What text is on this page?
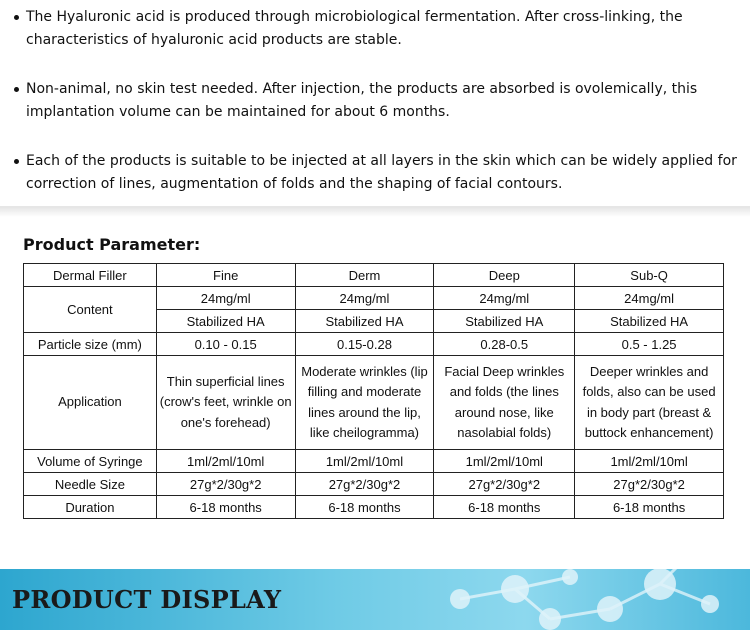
The Hyaluronic acid is produced through microbiological fermentation. After cross-linking, the characteristics of hyaluronic acid products are stable.
Non-animal, no skin test needed. After injection, the products are absorbed is ovolemically, this implantation volume can be maintained for about 6 months.
Each of the products is suitable to be injected at all layers in the skin which can be widely applied for correction of lines, augmentation of folds and the shaping of facial contours.
Product Parameter:
Dermal Filler	Fine	Derm	Deep	Sub-Q
Content	24mg/ml	24mg/ml	24mg/ml	24mg/ml
	Stabilized HA	Stabilized HA	Stabilized HA	Stabilized HA
Particle size (mm)	0.10 - 0.15	0.15-0.28	0.28-0.5	0.5 - 1.25
Application	Thin superficial lines (crow's feet, wrinkle on one's forehead)	Moderate wrinkles (lip filling and moderate lines around the lip, like cheilogramma)	Facial Deep wrinkles and folds (the lines around nose, like nasolabial folds)	Deeper wrinkles and folds, also can be used in body part (breast & buttock enhancement)
Volume of Syringe	1ml/2ml/10ml	1ml/2ml/10ml	1ml/2ml/10ml	1ml/2ml/10ml
Needle Size	27g*2/30g*2	27g*2/30g*2	27g*2/30g*2	27g*2/30g*2
Duration	6-18 months	6-18 months	6-18 months	6-18 months
PRODUCT DISPLAY
